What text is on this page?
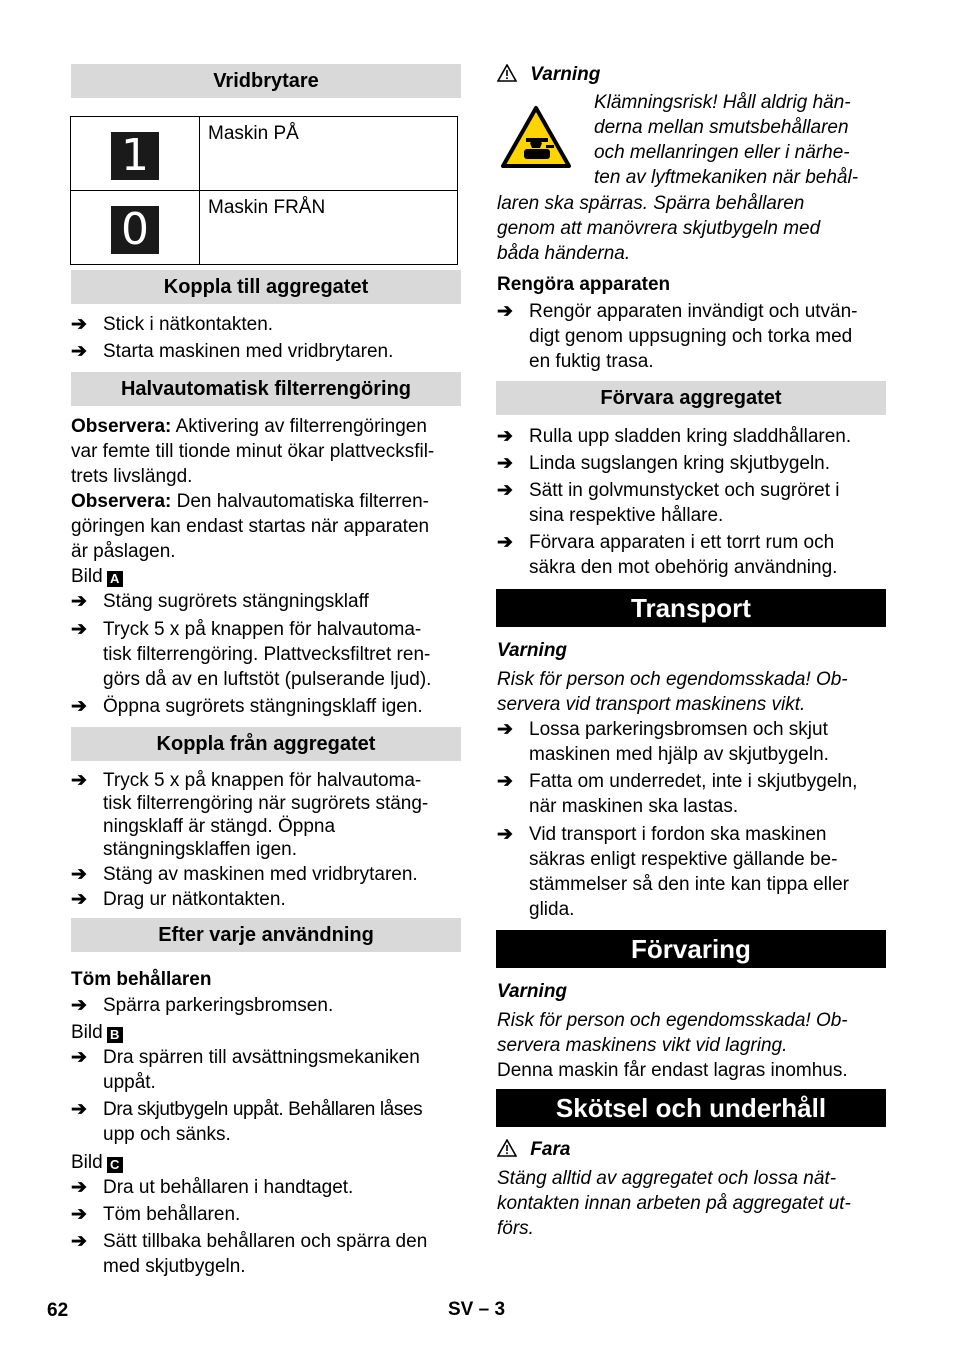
Vridbrytare
1	Maskin PÅ

0	Maskin FRÅN
Koppla till aggregatet
➔ Stick i nätkontakten.
➔ Starta maskinen med vridbrytaren.
Halvautomatisk filterrengöring
Observera: Aktivering av filterrengöringen
var femte till tionde minut ökar plattvecksfil-
trets livslängd.
Observera: Den halvautomatiska filterren-
göringen kan endast startas när apparaten
är påslagen.
Bild A
➔ Stäng sugrörets stängningsklaff
➔ Tryck 5 x på knappen för halvautoma-
tisk filterrengöring. Plattvecksfiltret ren-
görs då av en luftstöt (pulserande ljud).
➔ Öppna sugrörets stängningsklaff igen.
Koppla från aggregatet
➔ Tryck 5 x på knappen för halvautoma-
tisk filterrengöring när sugrörets stäng-
ningsklaff är stängd. Öppna
stängningsklaffen igen.
➔ Stäng av maskinen med vridbrytaren.
➔ Drag ur nätkontakten.
Efter varje användning
Töm behållaren
➔ Spärra parkeringsbromsen.
Bild B
➔ Dra spärren till avsättningsmekaniken
uppåt.
➔ Dra skjutbygeln uppåt. Behållaren låses
upp och sänks.
Bild C
➔ Dra ut behållaren i handtaget.
➔ Töm behållaren.
➔ Sätt tillbaka behållaren och spärra den
med skjutbygeln.
Varning
Klämningsrisk! Håll aldrig hän-
derna mellan smutsbehållaren
och mellanringen eller i närhe-
ten av lyftmekaniken när behål-
laren ska spärras. Spärra behållaren
genom att manövrera skjutbygeln med
båda händerna.
Rengöra apparaten
➔ Rengör apparaten invändigt och utvän-
digt genom uppsugning och torka med
en fuktig trasa.
Förvara aggregatet
➔ Rulla upp sladden kring sladdhållaren.
➔ Linda sugslangen kring skjutbygeln.
➔ Sätt in golvmunstycket och sugröret i
sina respektive hållare.
➔ Förvara apparaten i ett torrt rum och
säkra den mot obehörig användning.
Transport
Varning
Risk för person och egendomsskada! Ob-
servera vid transport maskinens vikt.
➔ Lossa parkeringsbromsen och skjut
maskinen med hjälp av skjutbygeln.
➔ Fatta om underredet, inte i skjutbygeln,
när maskinen ska lastas.
➔ Vid transport i fordon ska maskinen
säkras enligt respektive gällande be-
stämmelser så den inte kan tippa eller
glida.
Förvaring
Varning
Risk för person och egendomsskada! Ob-
servera maskinens vikt vid lagring.
Denna maskin får endast lagras inomhus.
Skötsel och underhåll
Fara
Stäng alltid av aggregatet och lossa nät-
kontakten innan arbeten på aggregatet ut-
förs.
62	SV – 3
